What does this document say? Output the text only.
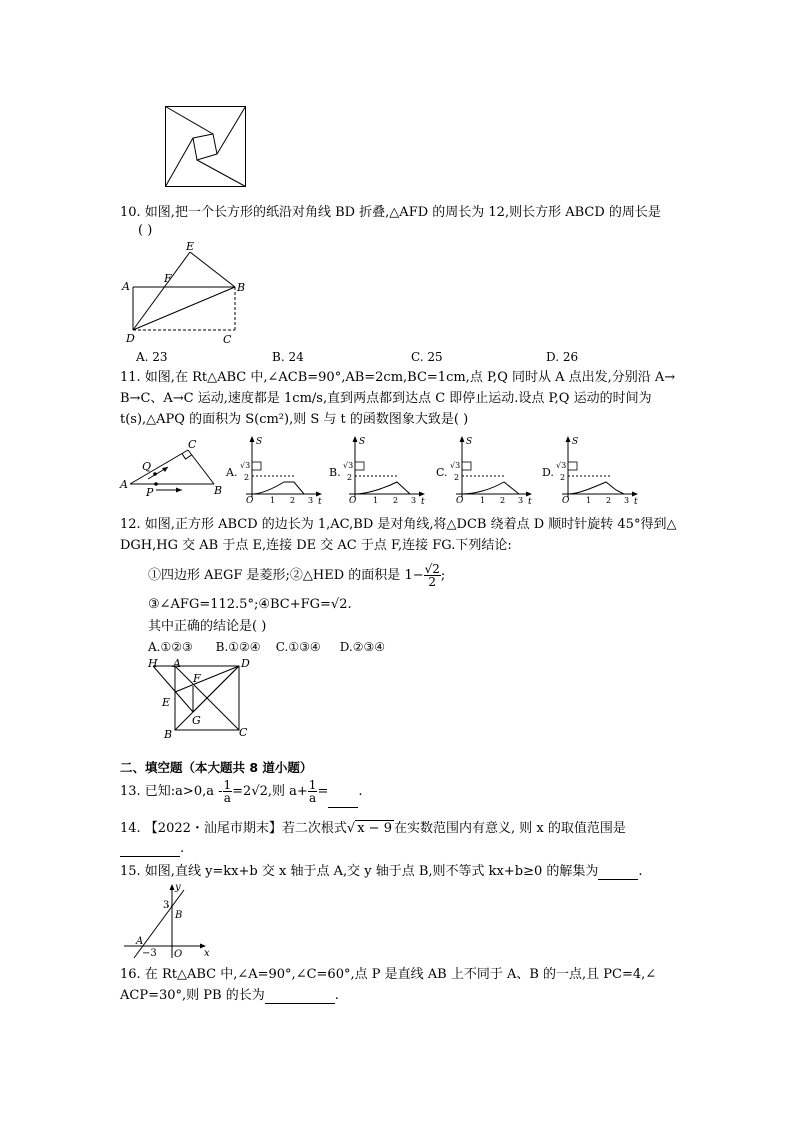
10. 如图,把一个长方形的纸沿对角线 BD 折叠,△AFD 的周长为 12,则长方形 ABCD 的周长是
( )
A	B
C
D
E
F
A. 23	B. 24	C. 25	D. 26
11. 如图,在 Rt△ABC 中,∠ACB=90°,AB=2cm,BC=1cm,点 P,Q 同时从 A 点出发,分别沿 A→
B→C、A→C 运动,速度都是 1cm/s,直到两点都到达点 C 即停止运动.设点 P,Q 运动的时间为
t(s),△APQ 的面积为 S(cm²),则 S 与 t 的函数图象大致是( )
A	B
C
P
Q	A.
S
t
O
√3
2
1 2 3
B.
S
t
O
√3
2
1 2 3
C.
S
t
O
√3
2
1 2 3
D.
S
t
O
√3
2
1 2 3
12. 如图,正方形 ABCD 的边长为 1,AC,BD 是对角线,将△DCB 绕着点 D 顺时针旋转 45°得到△
DGH,HG 交 AB 于点 E,连接 DE 交 AC 于点 F,连接 FG.下列结论:
①四边形 AEGF 是菱形;②△HED 的面积是 $1- \frac{√2}{2}$ ;
③∠AFG=112.5°;④BC+FG=√2.
其中正确的结论是( )
A.①②③      B.①②④    C.①③④     D.②③④
H A	D
F
E
G
B	C
二、填空题（本大题共 8 道小题）
13. 已知:a>0,a - $\frac{1}{a} =2√2$,则 $a+ \frac{1}{a}$ = .
14. 【2022・汕尾市期末】若二次根式√ x − 9 在实数范围内有意义, 则 x 的取值范围是
.
15. 如图,直线 y=kx+b 交 x 轴于点 A,交 y 轴于点 B,则不等式 kx+b≥0 的解集为	.
y
x
B
3
A
−3 O
16. 在 Rt△ABC 中,∠A=90°,∠C=60°,点 P 是直线 AB 上不同于 A、B 的一点,且 PC=4,∠
ACP=30°,则 PB 的长为	.
